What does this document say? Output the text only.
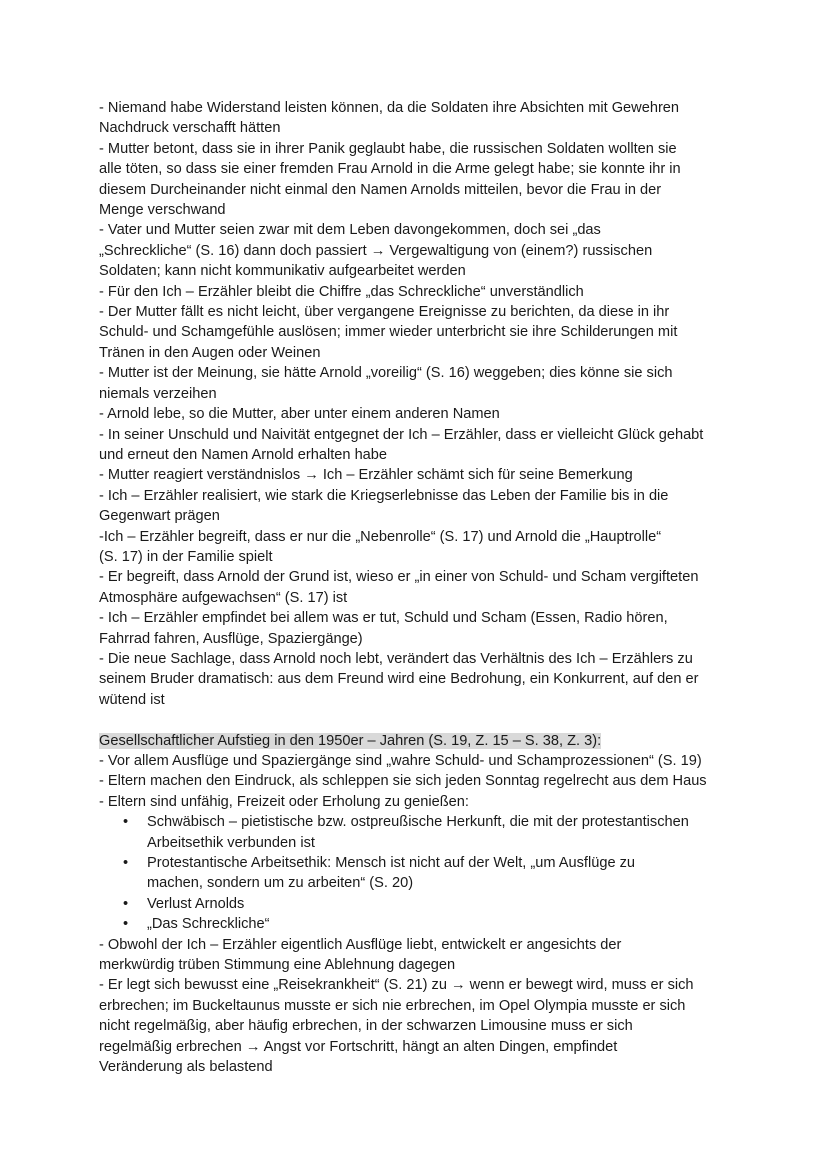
- Niemand habe Widerstand leisten können, da die Soldaten ihre Absichten mit Gewehren
Nachdruck verschafft hätten
- Mutter betont, dass sie in ihrer Panik geglaubt habe, die russischen Soldaten wollten sie
alle töten, so dass sie einer fremden Frau Arnold in die Arme gelegt habe; sie konnte ihr in
diesem Durcheinander nicht einmal den Namen Arnolds mitteilen, bevor die Frau in der
Menge verschwand
- Vater und Mutter seien zwar mit dem Leben davongekommen, doch sei „das
„Schreckliche“ (S. 16) dann doch passiert → Vergewaltigung von (einem?) russischen
Soldaten; kann nicht kommunikativ aufgearbeitet werden
- Für den Ich – Erzähler bleibt die Chiffre „das Schreckliche“ unverständlich
- Der Mutter fällt es nicht leicht, über vergangene Ereignisse zu berichten, da diese in ihr
Schuld- und Schamgefühle auslösen; immer wieder unterbricht sie ihre Schilderungen mit
Tränen in den Augen oder Weinen
- Mutter ist der Meinung, sie hätte Arnold „voreilig“ (S. 16) weggeben; dies könne sie sich
niemals verzeihen
- Arnold lebe, so die Mutter, aber unter einem anderen Namen
- In seiner Unschuld und Naivität entgegnet der Ich – Erzähler, dass er vielleicht Glück gehabt
und erneut den Namen Arnold erhalten habe
- Mutter reagiert verständnislos → Ich – Erzähler schämt sich für seine Bemerkung
- Ich – Erzähler realisiert, wie stark die Kriegserlebnisse das Leben der Familie bis in die
Gegenwart prägen
-Ich – Erzähler begreift, dass er nur die „Nebenrolle“ (S. 17) und Arnold die „Hauptrolle“
(S. 17) in der Familie spielt
- Er begreift, dass Arnold der Grund ist, wieso er „in einer von Schuld- und Scham vergifteten
Atmosphäre aufgewachsen“ (S. 17) ist
- Ich – Erzähler empfindet bei allem was er tut, Schuld und Scham (Essen, Radio hören,
Fahrrad fahren, Ausflüge, Spaziergänge)
- Die neue Sachlage, dass Arnold noch lebt, verändert das Verhältnis des Ich – Erzählers zu
seinem Bruder dramatisch: aus dem Freund wird eine Bedrohung, ein Konkurrent, auf den er
wütend ist
Gesellschaftlicher Aufstieg in den 1950er – Jahren (S. 19, Z. 15 – S. 38, Z. 3):
- Vor allem Ausflüge und Spaziergänge sind „wahre Schuld- und Schamprozessionen“ (S. 19)
- Eltern machen den Eindruck, als schleppen sie sich jeden Sonntag regelrecht aus dem Haus
- Eltern sind unfähig, Freizeit oder Erholung zu genießen:
• Schwäbisch – pietistische bzw. ostpreußische Herkunft, die mit der protestantischen
Arbeitsethik verbunden ist
• Protestantische Arbeitsethik: Mensch ist nicht auf der Welt, „um Ausflüge zu
machen, sondern um zu arbeiten“ (S. 20)
• Verlust Arnolds
• „Das Schreckliche“
- Obwohl der Ich – Erzähler eigentlich Ausflüge liebt, entwickelt er angesichts der
merkwürdig trüben Stimmung eine Ablehnung dagegen
- Er legt sich bewusst eine „Reisekrankheit“ (S. 21) zu → wenn er bewegt wird, muss er sich
erbrechen; im Buckeltaunus musste er sich nie erbrechen, im Opel Olympia musste er sich
nicht regelmäßig, aber häufig erbrechen, in der schwarzen Limousine muss er sich
regelmäßig erbrechen → Angst vor Fortschritt, hängt an alten Dingen, empfindet
Veränderung als belastend
